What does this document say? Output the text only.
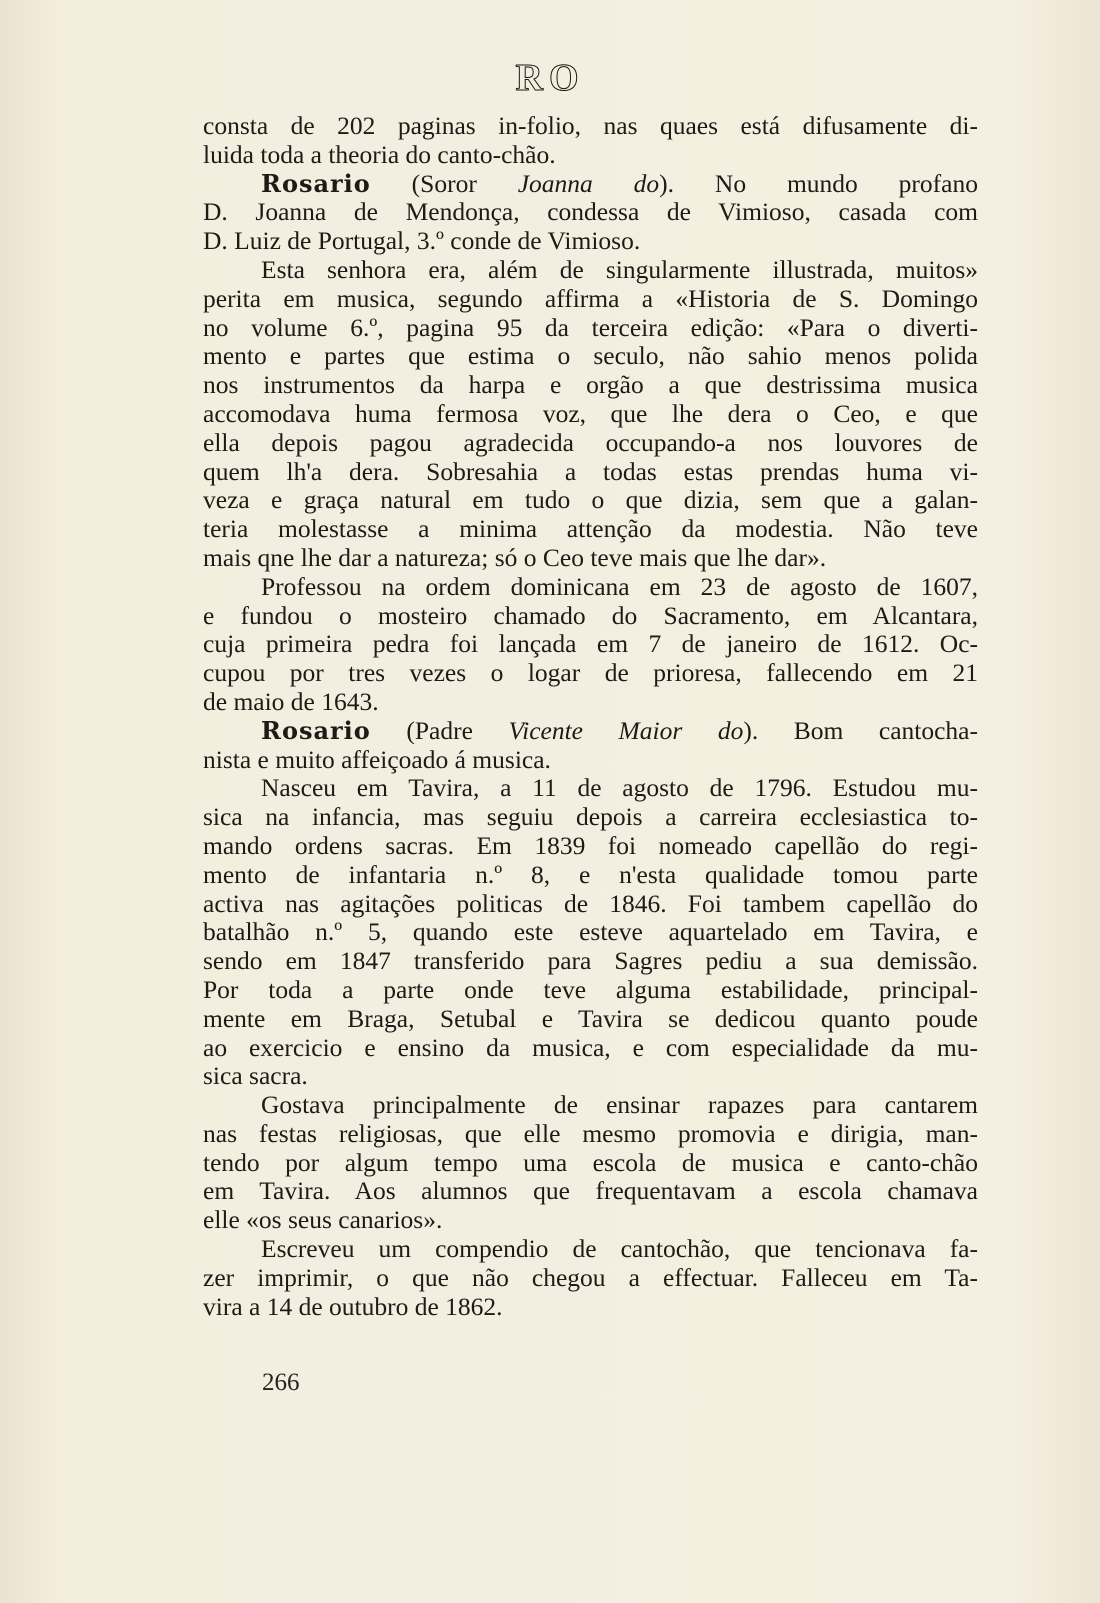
RO
consta de 202 paginas in-folio, nas quaes está difusamente di-
luida toda a theoria do canto-chão.
Rosario (Soror Joanna do). No mundo profano
D. Joanna de Mendonça, condessa de Vimioso, casada com
D. Luiz de Portugal, 3.º conde de Vimioso.
Esta senhora era, além de singularmente illustrada, muitos»
perita em musica, segundo affirma a «Historia de S. Domingo
no volume 6.º, pagina 95 da terceira edição: «Para o diverti-
mento e partes que estima o seculo, não sahio menos polida
nos instrumentos da harpa e orgão a que destrissima musica
accomodava huma fermosa voz, que lhe dera o Ceo, e que
ella depois pagou agradecida occupando-a nos louvores de
quem lh'a dera. Sobresahia a todas estas prendas huma vi-
veza e graça natural em tudo o que dizia, sem que a galan-
teria molestasse a minima attenção da modestia. Não teve
mais qne lhe dar a natureza; só o Ceo teve mais que lhe dar».
Professou na ordem dominicana em 23 de agosto de 1607,
e fundou o mosteiro chamado do Sacramento, em Alcantara,
cuja primeira pedra foi lançada em 7 de janeiro de 1612. Oc-
cupou por tres vezes o logar de prioresa, fallecendo em 21
de maio de 1643.
Rosario (Padre Vicente Maior do). Bom cantocha-
nista e muito affeiçoado á musica.
Nasceu em Tavira, a 11 de agosto de 1796. Estudou mu-
sica na infancia, mas seguiu depois a carreira ecclesiastica to-
mando ordens sacras. Em 1839 foi nomeado capellão do regi-
mento de infantaria n.º 8, e n'esta qualidade tomou parte
activa nas agitações politicas de 1846. Foi tambem capellão do
batalhão n.º 5, quando este esteve aquartelado em Tavira, e
sendo em 1847 transferido para Sagres pediu a sua demissão.
Por toda a parte onde teve alguma estabilidade, principal-
mente em Braga, Setubal e Tavira se dedicou quanto poude
ao exercicio e ensino da musica, e com especialidade da mu-
sica sacra.
Gostava principalmente de ensinar rapazes para cantarem
nas festas religiosas, que elle mesmo promovia e dirigia, man-
tendo por algum tempo uma escola de musica e canto-chão
em Tavira. Aos alumnos que frequentavam a escola chamava
elle «os seus canarios».
Escreveu um compendio de cantochão, que tencionava fa-
zer imprimir, o que não chegou a effectuar. Falleceu em Ta-
vira a 14 de outubro de 1862.
266
